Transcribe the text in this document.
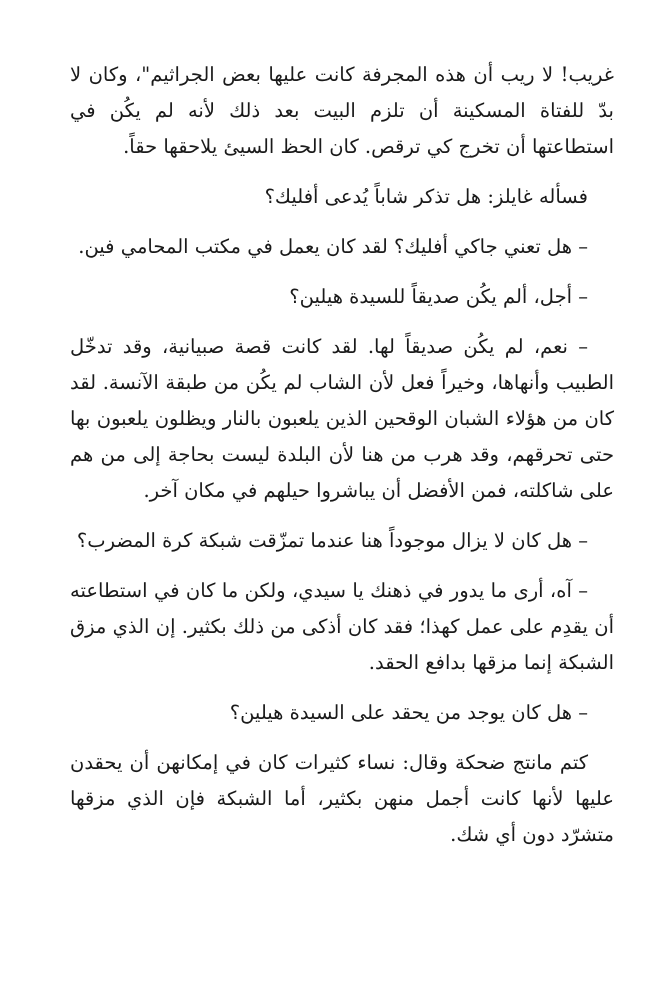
غريب! لا ريب أن هذه المجرفة كانت عليها بعض الجراثيم"، وكان لا بدّ للفتاة المسكينة أن تلزم البيت بعد ذلك لأنه لم يكُن في استطاعتها أن تخرج كي ترقص. كان الحظ السيئ يلاحقها حقاً.

فسأله غايلز: هل تذكر شاباً يُدعى أفليك؟

– هل تعني جاكي أفليك؟ لقد كان يعمل في مكتب المحامي فين.

– أجل، ألم يكُن صديقاً للسيدة هيلين؟

– نعم، لم يكُن صديقاً لها. لقد كانت قصة صبيانية، وقد تدخّل الطبيب وأنهاها، وخيراً فعل لأن الشاب لم يكُن من طبقة الآنسة. لقد كان من هؤلاء الشبان الوقحين الذين يلعبون بالنار ويظلون يلعبون بها حتى تحرقهم، وقد هرب من هنا لأن البلدة ليست بحاجة إلى من هم على شاكلته، فمن الأفضل أن يباشروا حيلهم في مكان آخر.

– هل كان لا يزال موجوداً هنا عندما تمزّقت شبكة كرة المضرب؟

– آه، أرى ما يدور في ذهنك يا سيدي، ولكن ما كان في استطاعته أن يقدِم على عمل كهذا؛ فقد كان أذكى من ذلك بكثير. إن الذي مزق الشبكة إنما مزقها بدافع الحقد.

– هل كان يوجد من يحقد على السيدة هيلين؟

كتم مانتج ضحكة وقال: نساء كثيرات كان في إمكانهن أن يحقدن عليها لأنها كانت أجمل منهن بكثير، أما الشبكة فإن الذي مزقها متشرّد دون أي شك.
